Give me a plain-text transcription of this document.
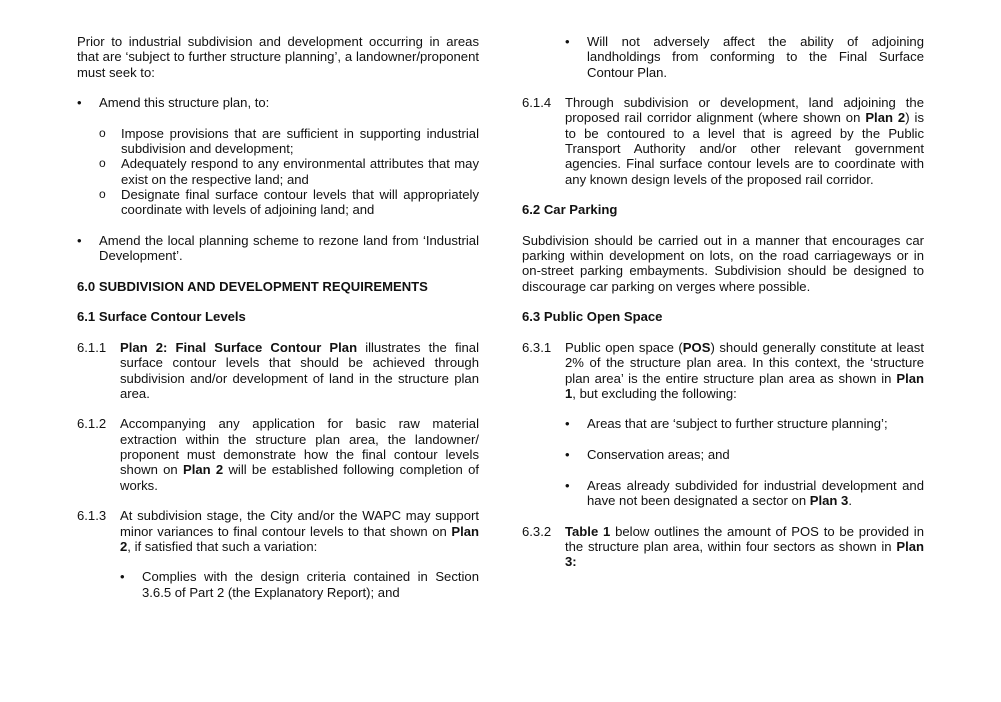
Prior to industrial subdivision and development occurring in areas that are ‘subject to further structure planning’, a landowner/proponent must seek to:

• Amend this structure plan, to:
o Impose provisions that are sufficient in supporting industrial subdivision and development;
o Adequately respond to any environmental attributes that may exist on the respective land; and
o Designate final surface contour levels that will appropriately coordinate with levels of adjoining land; and
• Amend the local planning scheme to rezone land from ‘Industrial Development’.

6.0 SUBDIVISION AND DEVELOPMENT REQUIREMENTS

6.1 Surface Contour Levels

6.1.1 Plan 2: Final Surface Contour Plan illustrates the final surface contour levels that should be achieved through subdivision and/or development of land in the structure plan area.
6.1.2 Accompanying any application for basic raw material extraction within the structure plan area, the landowner/ proponent must demonstrate how the final contour levels shown on Plan 2 will be established following completion of works.
6.1.3 At subdivision stage, the City and/or the WAPC may support minor variances to final contour levels to that shown on Plan 2, if satisfied that such a variation:
• Complies with the design criteria contained in Section 3.6.5 of Part 2 (the Explanatory Report); and
• Will not adversely affect the ability of adjoining landholdings from conforming to the Final Surface Contour Plan.
6.1.4 Through subdivision or development, land adjoining the proposed rail corridor alignment (where shown on Plan 2) is to be contoured to a level that is agreed by the Public Transport Authority and/or other relevant government agencies. Final surface contour levels are to coordinate with any known design levels of the proposed rail corridor.

6.2 Car Parking

Subdivision should be carried out in a manner that encourages car parking within development on lots, on the road carriageways or in on-street parking embayments. Subdivision should be designed to discourage car parking on verges where possible.

6.3 Public Open Space

6.3.1 Public open space (POS) should generally constitute at least 2% of the structure plan area. In this context, the ‘structure plan area’ is the entire structure plan area as shown in Plan 1, but excluding the following:
• Areas that are ‘subject to further structure planning’;
• Conservation areas; and
• Areas already subdivided for industrial development and have not been designated a sector on Plan 3.
6.3.2 Table 1 below outlines the amount of POS to be provided in the structure plan area, within four sectors as shown in Plan 3:
